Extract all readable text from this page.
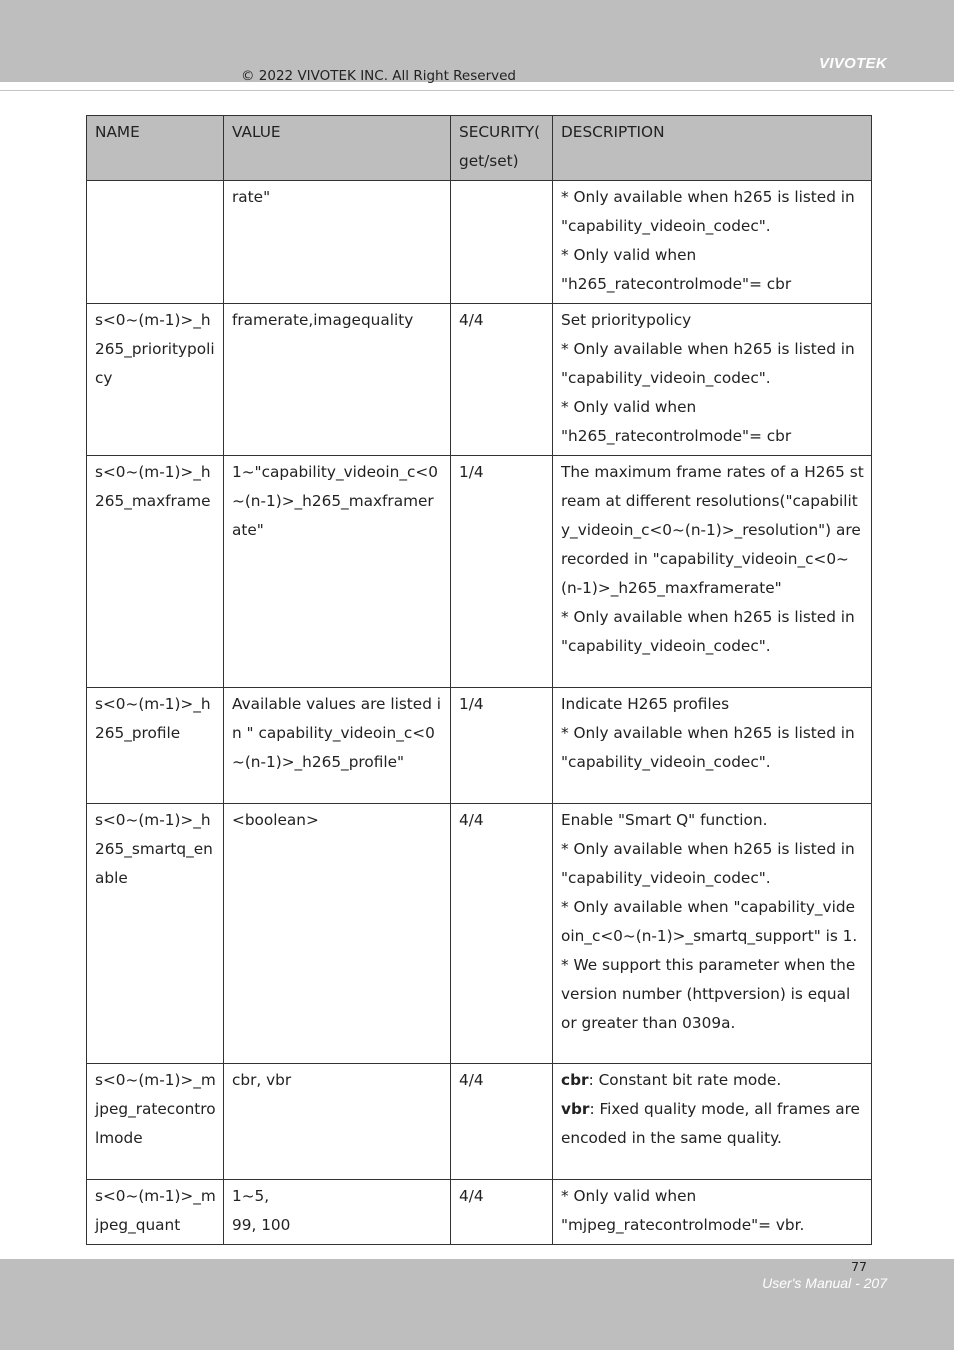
VIVOTEK
© 2022 VIVOTEK INC. All Right Reserved
NAME	VALUE	SECURITY( get/set)	DESCRIPTION
	rate"		* Only available when h265 is listed in "capability_videoin_codec".
* Only valid when "h265_ratecontrolmode"= cbr

s<0~(m-1)>_h265_prioritypolicy	framerate,imagequality	4/4	Set prioritypolicy
* Only available when h265 is listed in "capability_videoin_codec".
* Only valid when "h265_ratecontrolmode"= cbr

s<0~(m-1)>_h265_maxframe	1~"capability_videoin_c<0~(n-1)>_h265_maxframerate"	1/4	The maximum frame rates of a H265 stream at different resolutions("capability_videoin_c<0~(n-1)>_resolution") are recorded in "capability_videoin_c<0~(n-1)>_h265_maxframerate"
* Only available when h265 is listed in "capability_videoin_codec".

s<0~(m-1)>_h265_profile	Available values are listed in " capability_videoin_c<0~(n-1)>_h265_profile"	1/4	Indicate H265 profiles
* Only available when h265 is listed in "capability_videoin_codec".

s<0~(m-1)>_h265_smartq_enable	<boolean>	4/4	Enable "Smart Q" function.
* Only available when h265 is listed in "capability_videoin_codec".
* Only available when "capability_videoin_c<0~(n-1)>_smartq_support" is 1.
* We support this parameter when the version number (httpversion) is equal or greater than 0309a.

s<0~(m-1)>_mjpeg_ratecontrolmode	cbr, vbr	4/4	cbr: Constant bit rate mode.
vbr: Fixed quality mode, all frames are encoded in the same quality.

s<0~(m-1)>_mjpeg_quant	1~5,
99, 100	4/4	* Only valid when "mjpeg_ratecontrolmode"= vbr.
77
User's Manual - 207
